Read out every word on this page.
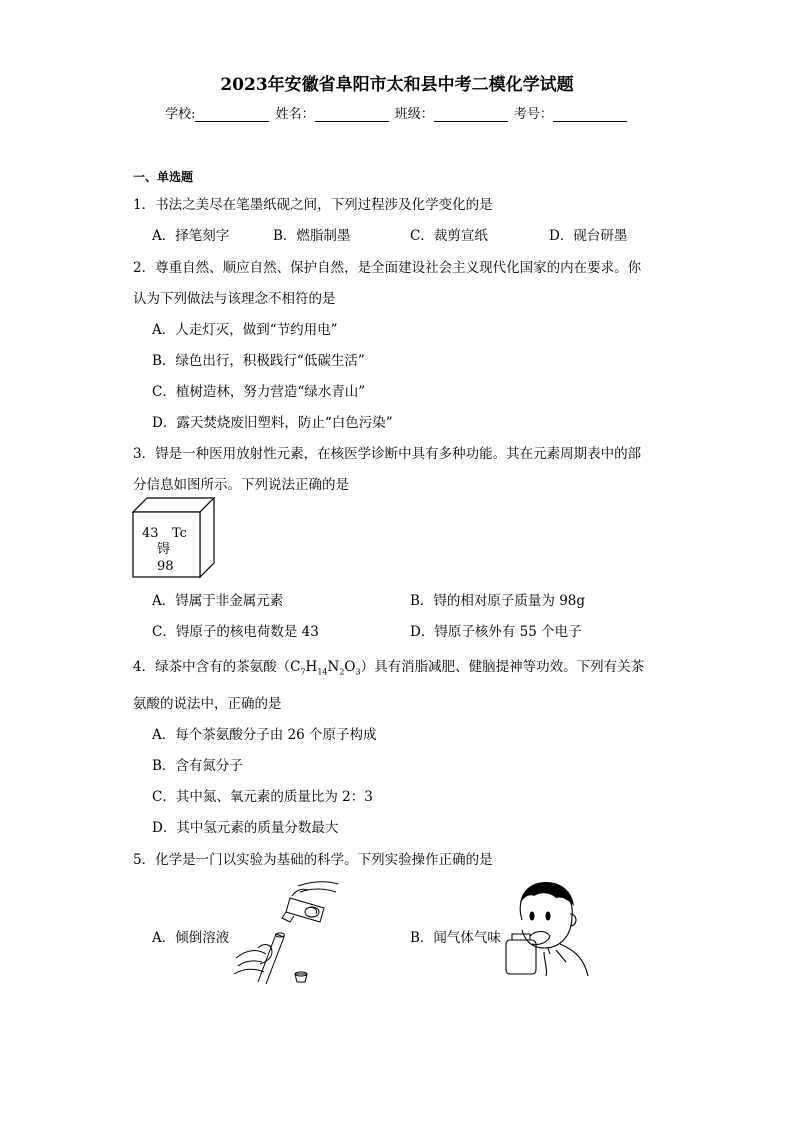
2023年安徽省阜阳市太和县中考二模化学试题
学校:	姓名：	班级：	考号：
一、单选题
1．书法之美尽在笔墨纸砚之间，下列过程涉及化学变化的是
A．择笔刻字	B．燃脂制墨	C．裁剪宣纸	D．砚台研墨
2．尊重自然、顺应自然、保护自然，是全面建设社会主义现代化国家的内在要求。你
认为下列做法与该理念不相符的是
A．人走灯灭，做到“节约用电”
B．绿色出行，积极践行“低碳生活”
C．植树造林，努力营造“绿水青山”
D．露天焚烧废旧塑料，防止“白色污染”
3．锝是一种医用放射性元素，在核医学诊断中具有多种功能。其在元素周期表中的部
分信息如图所示。下列说法正确的是
43 Tc
锝
98
A．锝属于非金属元素	B．锝的相对原子质量为 98g
C．锝原子的核电荷数是 43	D．锝原子核外有 55 个电子
4．绿茶中含有的茶氨酸$(C_7H_{14}N_2O_3)$具有消脂减肥、健脑提神等功效。下列有关茶
氨酸的说法中，正确的是
A．每个茶氨酸分子由 26 个原子构成
B．含有氮分子
C．其中氮、氧元素的质量比为 2：3
D．其中氢元素的质量分数最大
5．化学是一门以实验为基础的科学。下列实验操作正确的是
A．倾倒溶液	B．闻气体气味
